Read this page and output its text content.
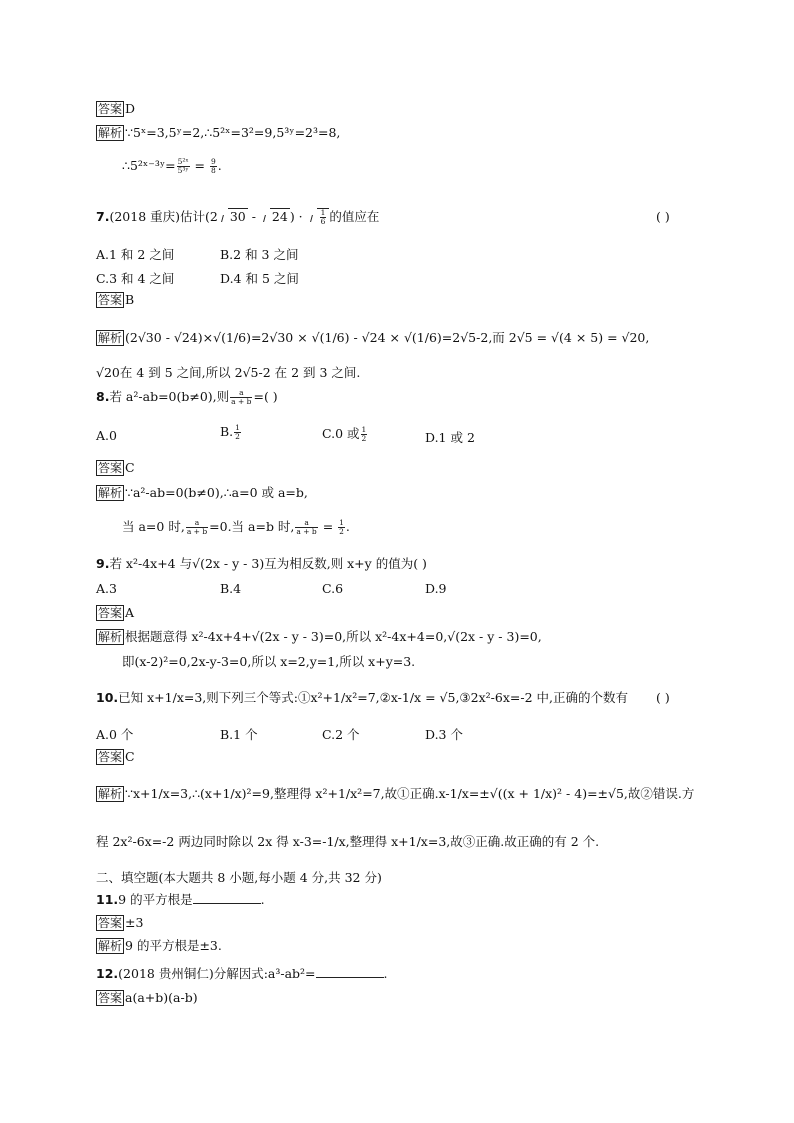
答案 D
解析 ∵5ˣ=3,5ʸ=2,∴5²ˣ=3²=9,5³ʸ=2³=8,
∴5²ˣ⁻³ʸ= $\frac{\text{5²ˣ}}{\text{5³ʸ}} = \frac{9}{8}$ .
7.(2018 重庆)估计(2 30 - 24 ) · $\frac{1}{6}$ 的值应在	( )
A.1 和 2 之间	B.2 和 3 之间
C.3 和 4 之间	D.4 和 5 之间
答案 B
解析 (2√30 - √24)×√(1/6)=2√30 × √(1/6) - √24 × √(1/6)=2√5-2,而 2√5 = √(4 × 5) = √20,
√20在 4 到 5 之间,所以 2√5-2 在 2 到 3 之间.
8.若 a²-ab=0(b≠0),则 $\frac{a}{a + b}$ =( )
A.0	B. $\frac{1}{2}$	C.0 或 $\frac{1}{2}$	D.1 或 2
答案 C
解析 ∵a²-ab=0(b≠0),∴a=0 或 a=b,
当 a=0 时, $\frac{a}{a + b} =0$.当 a=b 时, $\frac{a}{a + b} = \frac{1}{2}$ .
9.若 x²-4x+4 与√(2x - y - 3)互为相反数,则 x+y 的值为( )
A.3	B.4	C.6	D.9
答案 A
解析 根据题意得 x²-4x+4+√(2x - y - 3)=0,所以 x²-4x+4=0,√(2x - y - 3)=0,
即(x-2)²=0,2x-y-3=0,所以 x=2,y=1,所以 x+y=3.
10.已知 x+1/x=3,则下列三个等式:①x²+1/x²=7,②x-1/x = √5,③2x²-6x=-2 中,正确的个数有 ( )
A.0 个	B.1 个	C.2 个	D.3 个
答案 C
解析 ∵x+1/x=3,∴(x+1/x)²=9,整理得 x²+1/x²=7,故①正确.x-1/x=±√((x + 1/x)² - 4)=±√5,故②错误.方
程 2x²-6x=-2 两边同时除以 2x 得 x-3=-1/x,整理得 x+1/x=3,故③正确.故正确的有 2 个.
二、填空题(本大题共 8 小题,每小题 4 分,共 32 分)
11.9 的平方根是	.
答案 ±3
解析 9 的平方根是±3.
12.(2018 贵州铜仁)分解因式:a³-ab²=	.
答案 a(a+b)(a-b)
